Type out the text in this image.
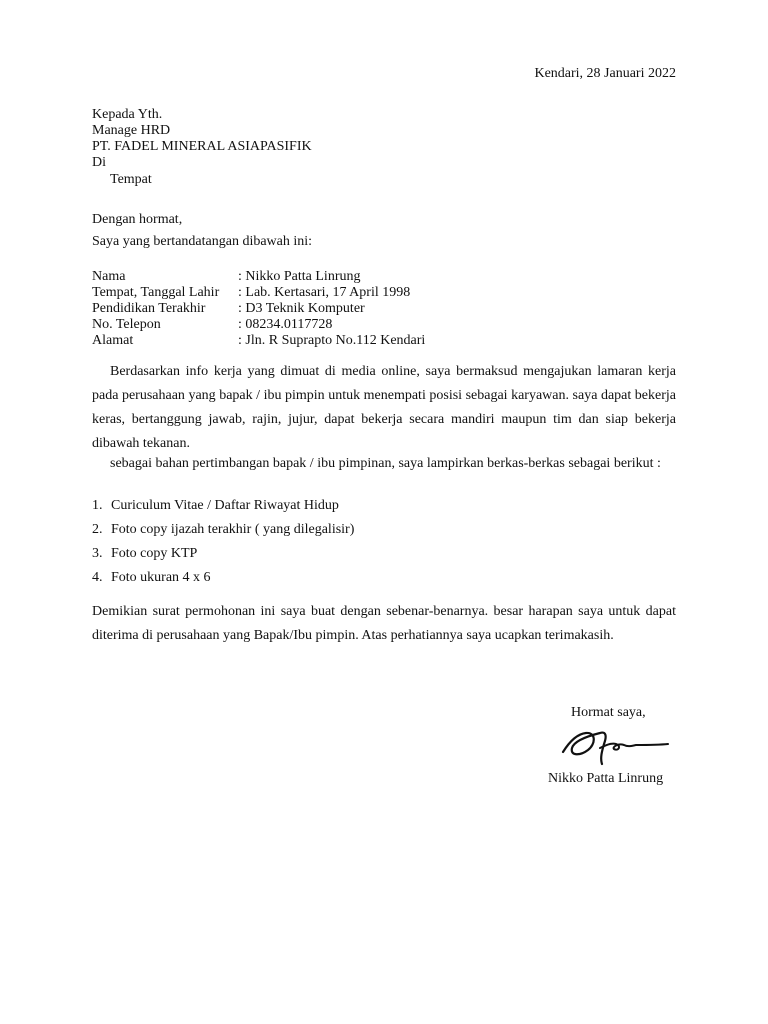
Kendari, 28 Januari 2022
Kepada Yth.
Manage HRD
PT. FADEL MINERAL ASIAPASIFIK
Di
Tempat
Dengan hormat,
Saya yang bertandatangan dibawah ini:
Nama	: Nikko Patta Linrung
Tempat, Tanggal Lahir	: Lab. Kertasari, 17 April 1998
Pendidikan Terakhir	: D3 Teknik Komputer
No. Telepon	: 08234.0117728
Alamat	: Jln. R Suprapto No.112 Kendari
Berdasarkan info kerja yang dimuat di media online, saya bermaksud mengajukan lamaran kerja pada perusahaan yang bapak / ibu pimpin untuk menempati posisi sebagai karyawan. saya dapat bekerja keras, bertanggung jawab, rajin, jujur, dapat bekerja secara mandiri maupun tim dan siap bekerja dibawah tekanan.
sebagai bahan pertimbangan bapak / ibu pimpinan, saya lampirkan berkas-berkas sebagai berikut :
1. Curiculum Vitae / Daftar Riwayat Hidup
2. Foto copy ijazah terakhir ( yang dilegalisir)
3. Foto copy KTP
4. Foto ukuran 4 x 6
Demikian surat permohonan ini saya buat dengan sebenar-benarnya. besar harapan saya untuk dapat diterima di perusahaan yang Bapak/Ibu pimpin. Atas perhatiannya saya ucapkan terimakasih.
Hormat saya,
Nikko Patta Linrung
